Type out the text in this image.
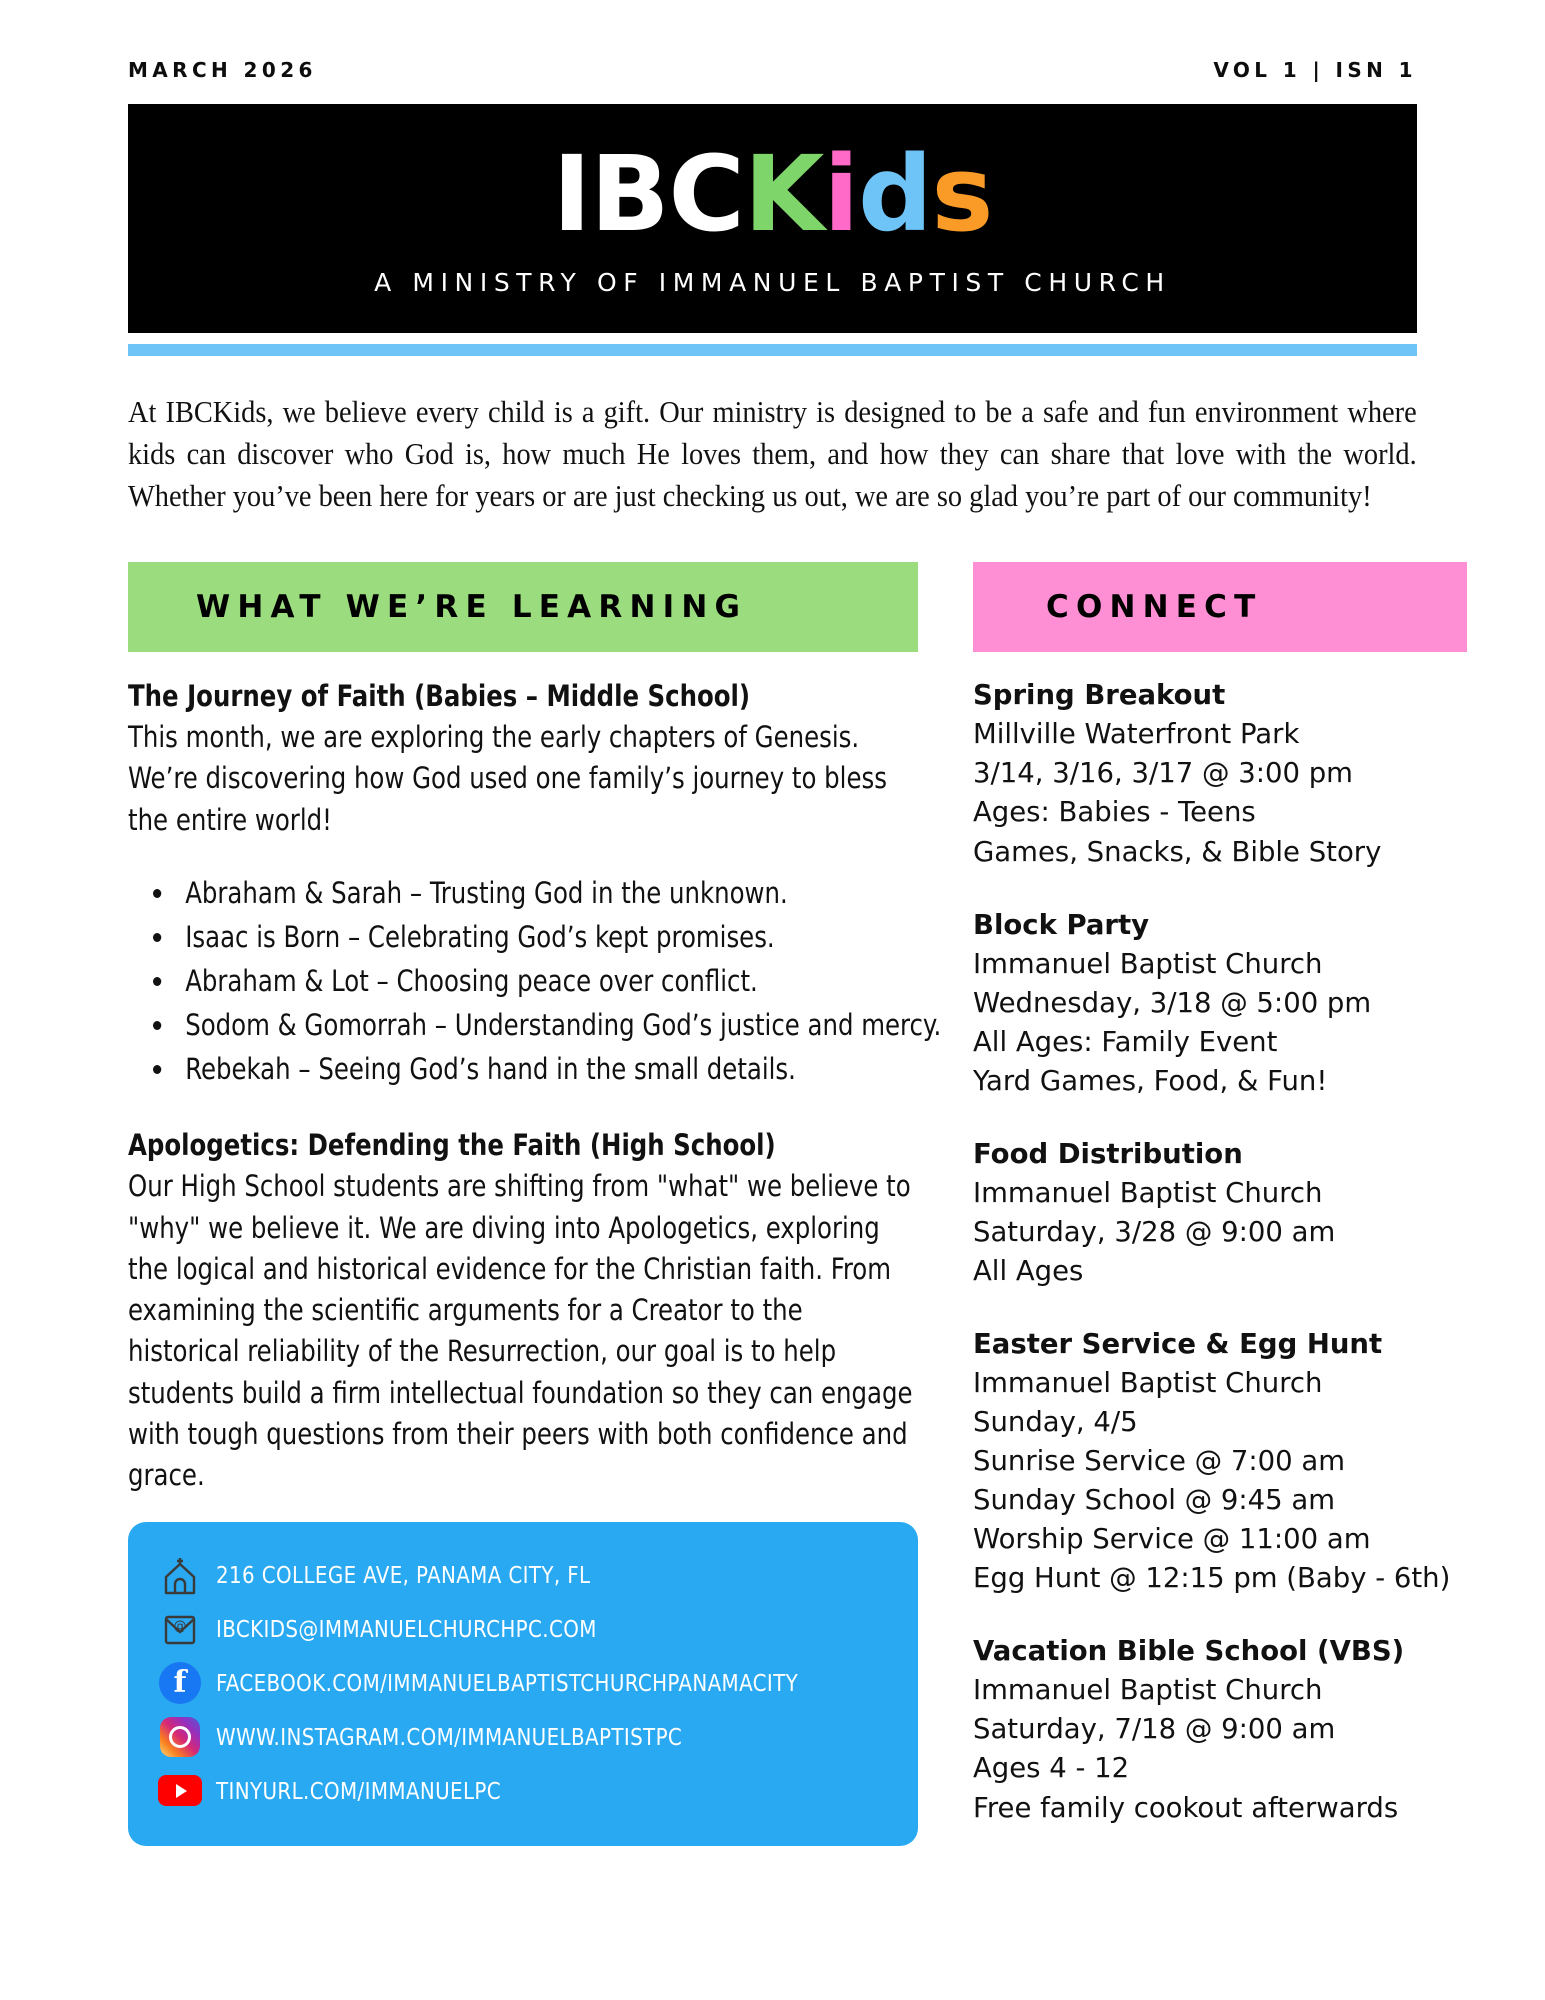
MARCH 2026	VOL 1 | ISN 1
IBCKids
A MINISTRY OF IMMANUEL BAPTIST CHURCH
At IBCKids, we believe every child is a gift. Our ministry is designed to be a safe and fun environment where kids can discover who God is, how much He loves them, and how they can share that love with the world. Whether you’ve been here for years or are just checking us out, we are so glad you’re part of our community!
WHAT WE’RE LEARNING
The Journey of Faith (Babies – Middle School)
This month, we are exploring the early chapters of Genesis. We’re discovering how God used one family’s journey to bless the entire world!
• Abraham & Sarah – Trusting God in the unknown.
• Isaac is Born – Celebrating God’s kept promises.
• Abraham & Lot – Choosing peace over conflict.
• Sodom & Gomorrah – Understanding God’s justice and mercy.
• Rebekah – Seeing God’s hand in the small details.
Apologetics: Defending the Faith (High School)
Our High School students are shifting from "what" we believe to "why" we believe it. We are diving into Apologetics, exploring the logical and historical evidence for the Christian faith. From examining the scientific arguments for a Creator to the historical reliability of the Resurrection, our goal is to help students build a firm intellectual foundation so they can engage with tough questions from their peers with both confidence and grace.
216 COLLEGE AVE, PANAMA CITY, FL
@ IBCKIDS@IMMANUELCHURCHPC.COM
f	FACEBOOK.COM/IMMANUELBAPTISTCHURCHPANAMACITY
WWW.INSTAGRAM.COM/IMMANUELBAPTISTPC
TINYURL.COM/IMMANUELPC
CONNECT
Spring Breakout
Millville Waterfront Park
3/14, 3/16, 3/17 @ 3:00 pm
Ages: Babies - Teens
Games, Snacks, & Bible Story
Block Party
Immanuel Baptist Church
Wednesday, 3/18 @ 5:00 pm
All Ages: Family Event
Yard Games, Food, & Fun!
Food Distribution
Immanuel Baptist Church
Saturday, 3/28 @ 9:00 am
All Ages
Easter Service & Egg Hunt
Immanuel Baptist Church
Sunday, 4/5
Sunrise Service @ 7:00 am
Sunday School @ 9:45 am
Worship Service @ 11:00 am
Egg Hunt @ 12:15 pm (Baby - 6th)
Vacation Bible School (VBS)
Immanuel Baptist Church
Saturday, 7/18 @ 9:00 am
Ages 4 - 12
Free family cookout afterwards
